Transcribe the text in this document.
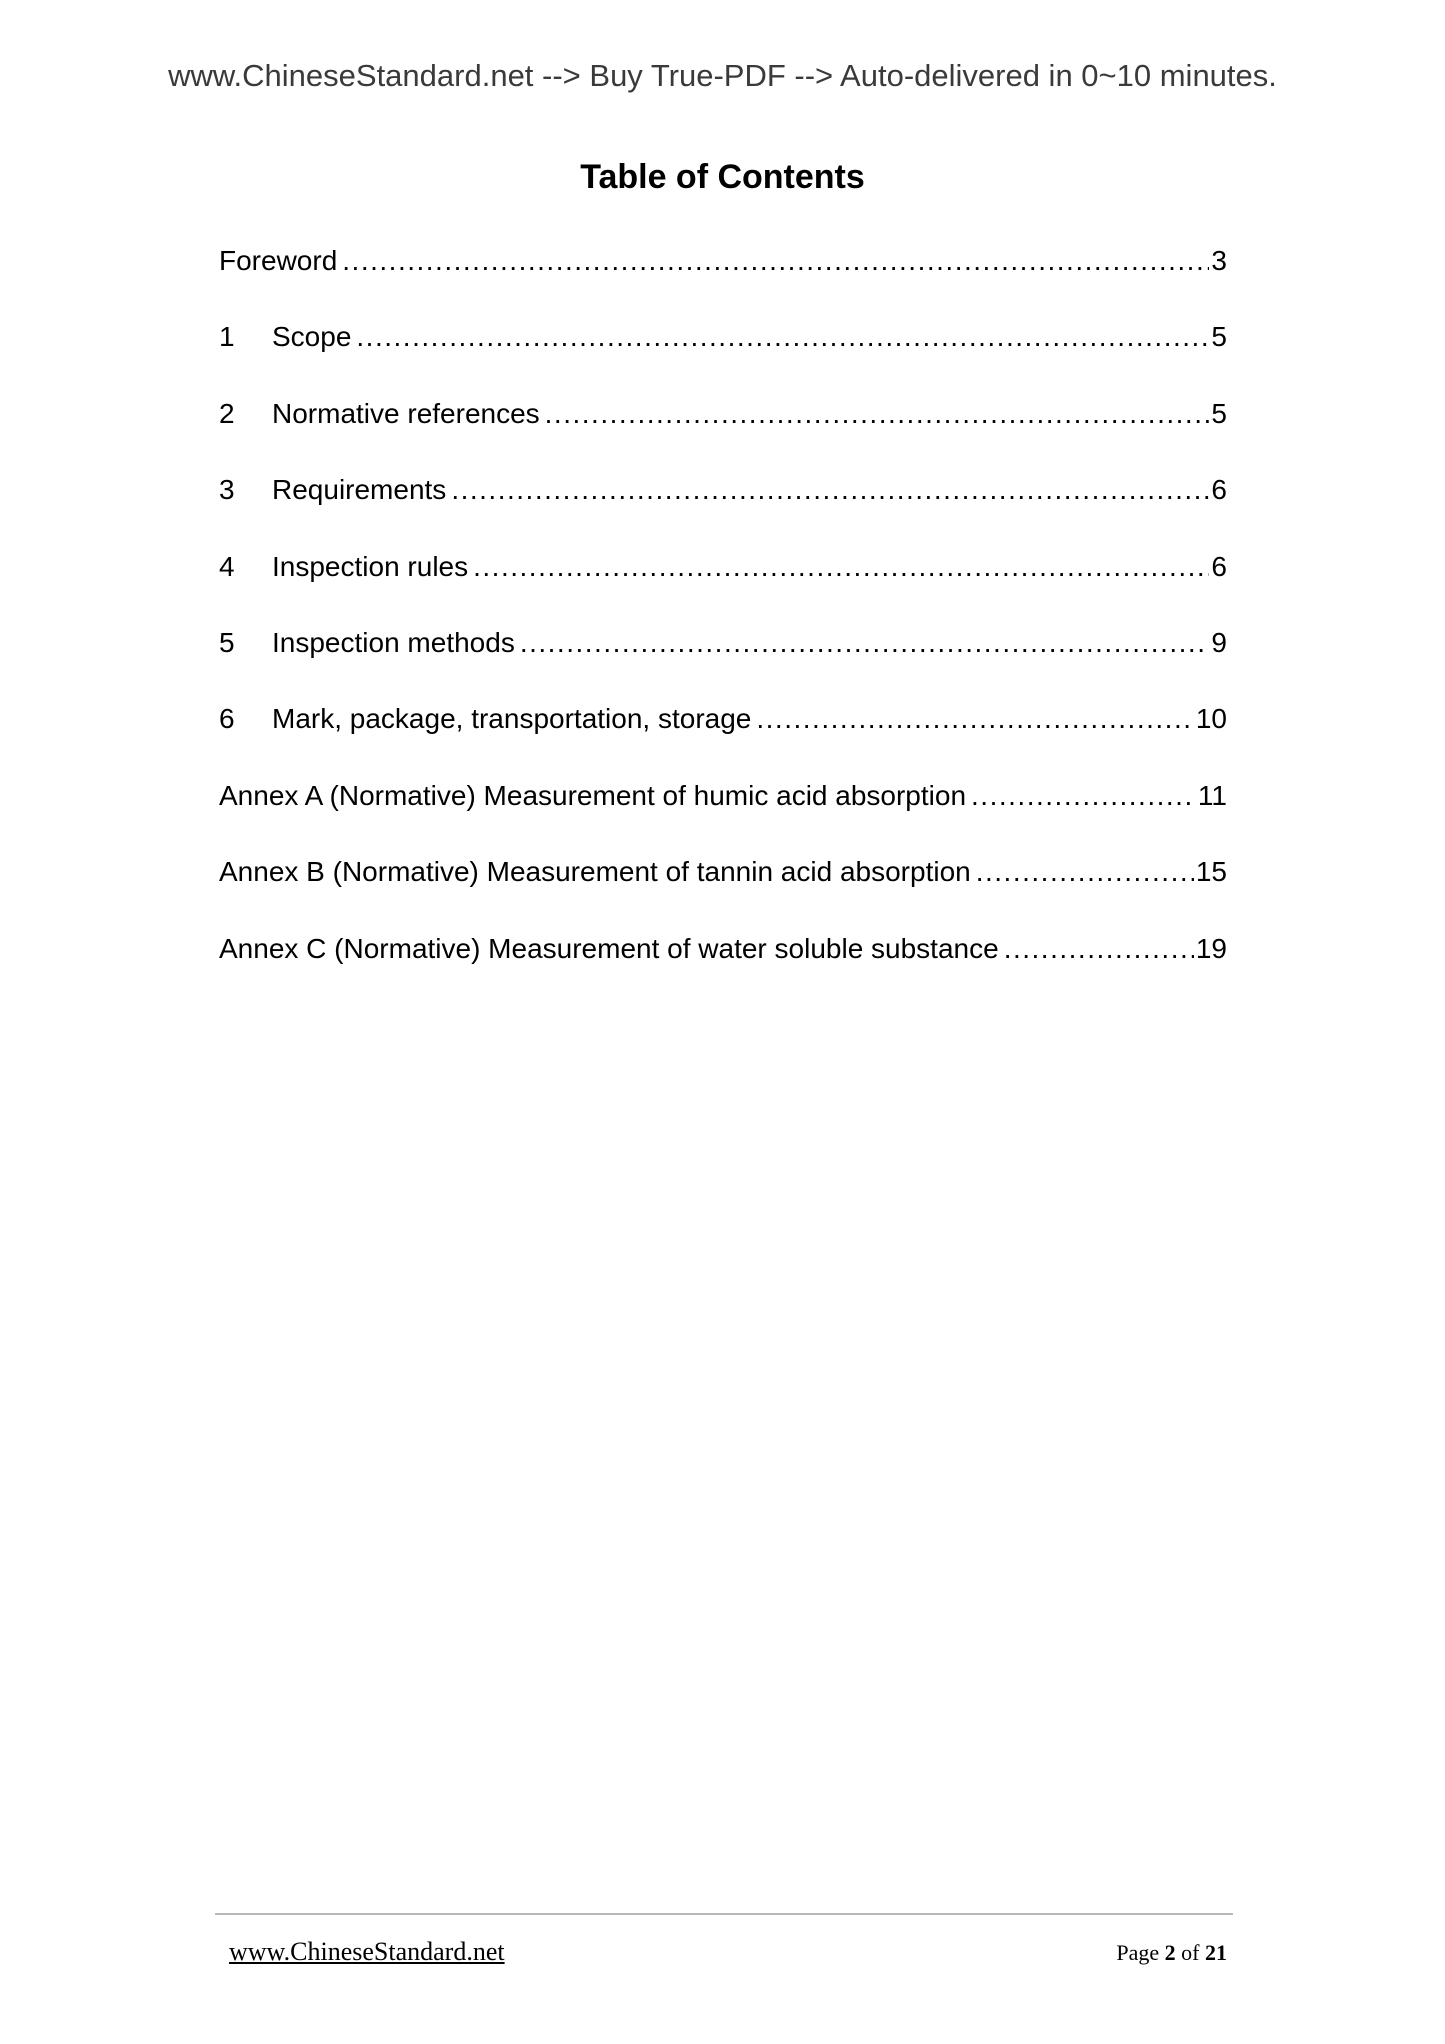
www.ChineseStandard.net --> Buy True-PDF --> Auto-delivered in 0~10 minutes.
Table of Contents
Foreword .....	3
1	Scope .....	5
2	Normative references .....	5
3	Requirements .....	6
4	Inspection rules .....	6
5	Inspection methods .....	9
6	Mark, package, transportation, storage .....	10
Annex A (Normative) Measurement of humic acid absorption .....	11
Annex B (Normative) Measurement of tannin acid absorption .....	15
Annex C (Normative) Measurement of water soluble substance .....	19
www.ChineseStandard.net	Page 2 of 21
